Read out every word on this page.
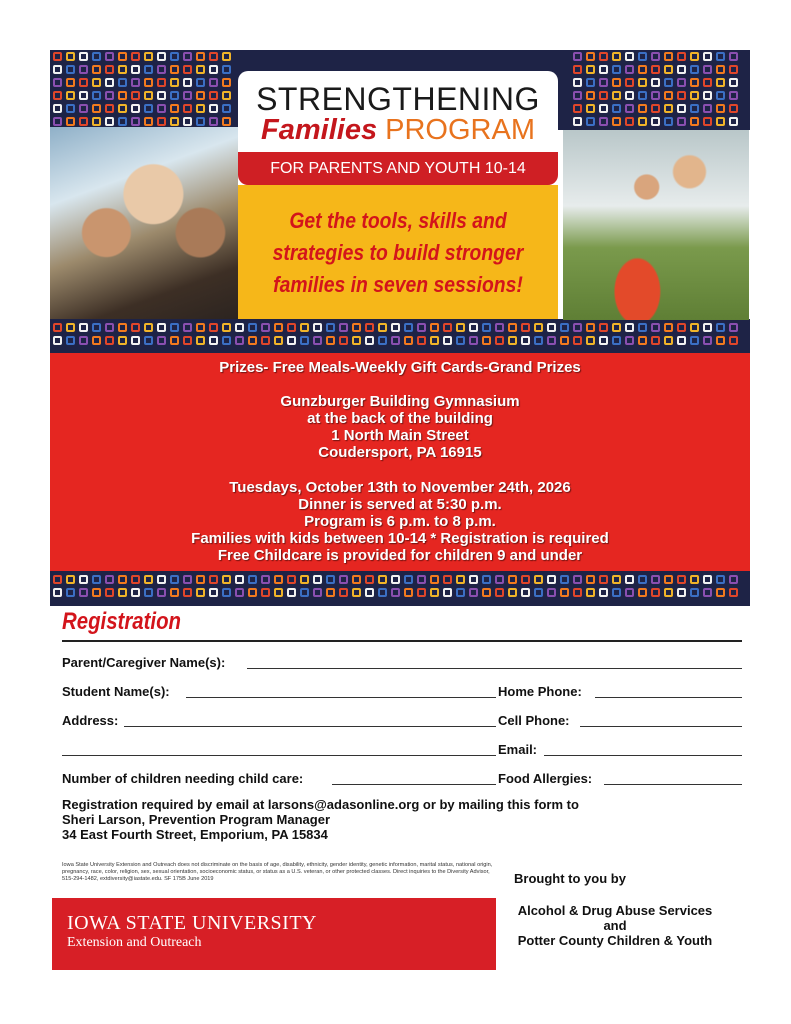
STRENGTHENING
Families PROGRAM
FOR PARENTS AND YOUTH 10-14
Get the tools, skills and
strategies to build stronger
families in seven sessions!
Prizes- Free Meals-Weekly Gift Cards-Grand Prizes
Gunzburger Building Gymnasium
at the back of the building
1 North Main Street
Coudersport, PA 16915
Tuesdays, October 13th to November 24th, 2026
Dinner is served at 5:30 p.m.
Program is 6 p.m. to 8 p.m.
Families with kids between 10-14 * Registration is required
Free Childcare is provided for children 9 and under
Registration
Parent/Caregiver Name(s):
Student Name(s):	Home Phone:
Address:	Cell Phone:
Email:
Number of children needing child care:	Food Allergies:
Registration required by email at larsons@adasonline.org or by mailing this form to
Sheri Larson, Prevention Program Manager
34 East Fourth Street, Emporium, PA 15834
Iowa State University Extension and Outreach does not discriminate on the basis of age, disability, ethnicity, gender identity, genetic information, marital status, national origin, pregnancy, race, color, religion, sex, sexual orientation, socioeconomic status, or status as a U.S. veteran, or other protected classes. Direct inquiries to the Diversity Advisor, 515-294-1482, extdiversity@iastate.edu. SF 175B June 2019
IOWA STATE UNIVERSITY
Extension and Outreach
Brought to you by
Alcohol & Drug Abuse Services
and
Potter County Children & Youth
